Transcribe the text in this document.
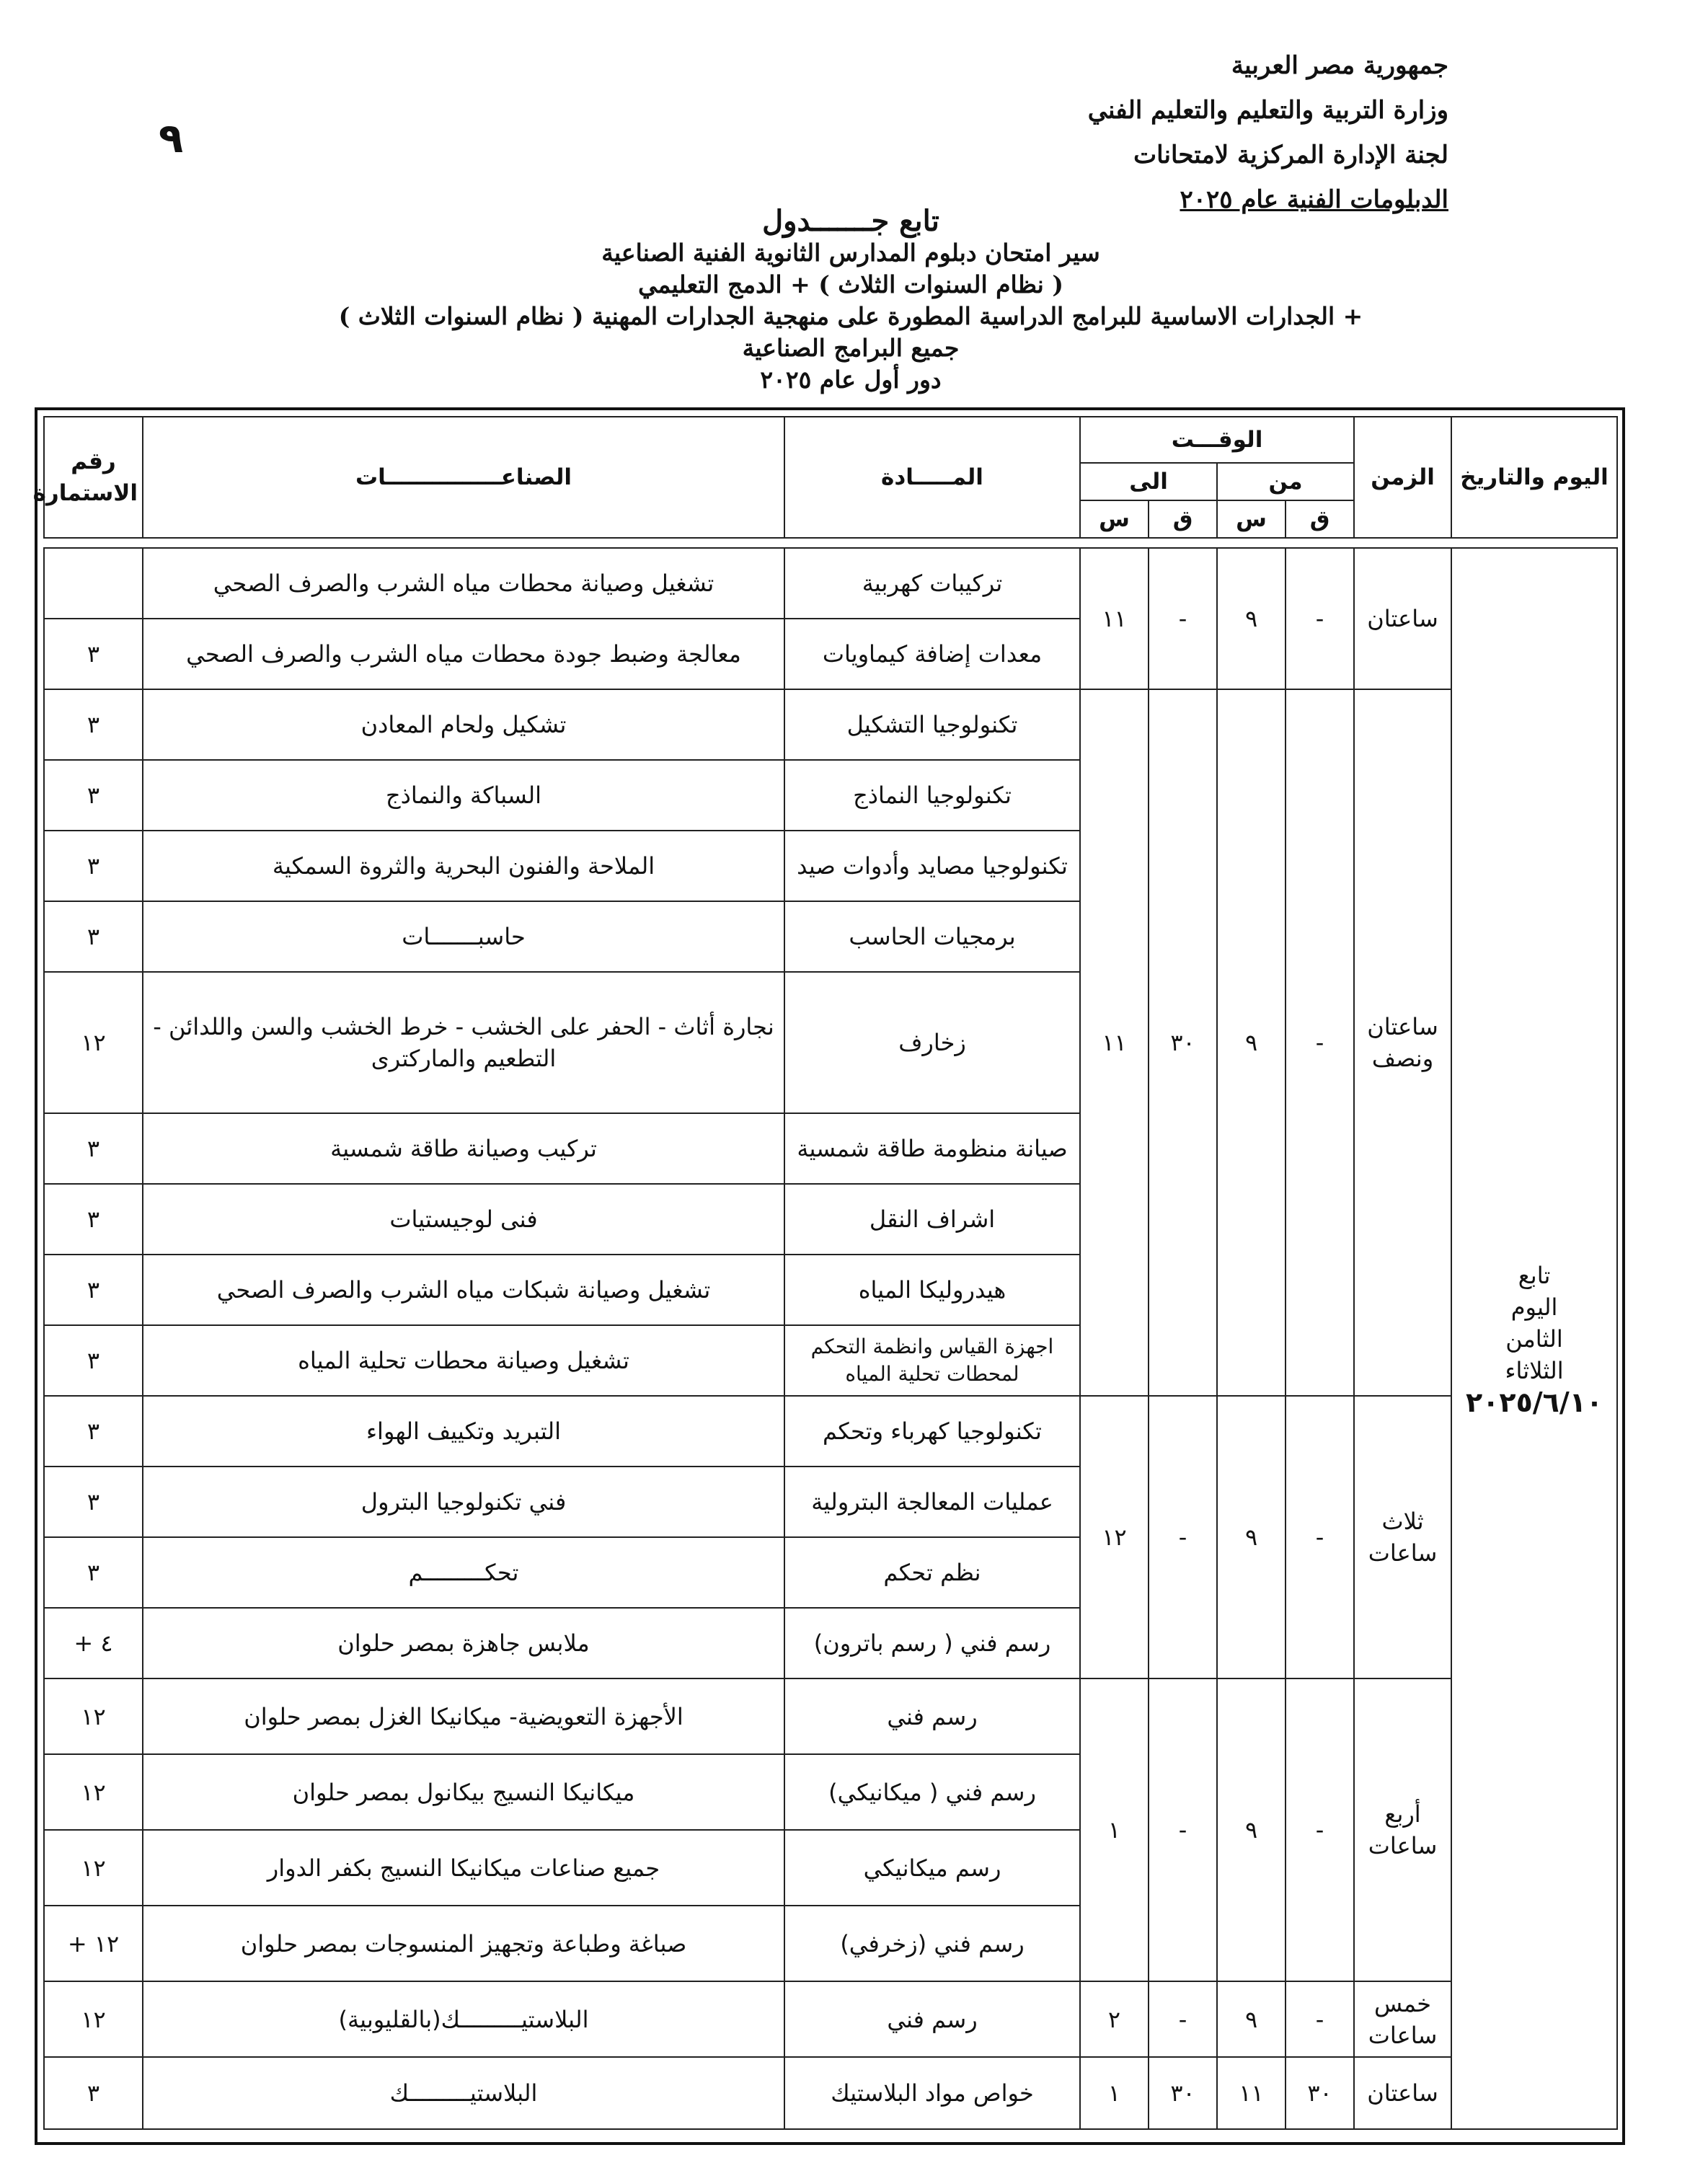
٩
جمهورية مصر العربية
وزارة التربية والتعليم والتعليم الفني
لجنة الإدارة المركزية لامتحانات
الدبلومات الفنية عام ٢٠٢٥
تابع جـــــــدول
سير امتحان دبلوم المدارس الثانوية الفنية الصناعية
( نظام السنوات الثلاث ) + الدمج التعليمي
+ الجدارات الاساسية للبرامج الدراسية المطورة على منهجية الجدارات المهنية ( نظام السنوات الثلاث )
جميع البرامج الصناعية
دور أول عام ٢٠٢٥
اليوم والتاريخ	الزمن	الوقـــت				المـــــادة	الصناعـــــــــــــــات	رقم الاستمارة
		من		الى				
		ق	س	ق	س			

تابع
اليوم
الثامن
الثلاثاء
٢٠٢٥/٦/١٠	ساعتان	-	٩	-	١١	تركيبات كهربية	تشغيل وصيانة محطات مياه الشرب والصرف الصحي	
						معدات إضافة كيماويات	معالجة وضبط جودة محطات مياه الشرب والصرف الصحي	٣
	ساعتان ونصف	-	٩	٣٠	١١	تكنولوجيا التشكيل	تشكيل ولحام المعادن	٣
						تكنولوجيا النماذج	السباكة والنماذج	٣
						تكنولوجيا مصايد وأدوات صيد	الملاحة والفنون البحرية والثروة السمكية	٣
						برمجيات الحاسب	حاسبـــــــات	٣
						زخارف	نجارة أثاث - الحفر على الخشب - خرط الخشب والسن واللدائن - التطعيم والماركترى	١٢
						صيانة منظومة طاقة شمسية	تركيب وصيانة طاقة شمسية	٣
						اشراف النقل	فنى لوجيستيات	٣
						هيدروليكا المياه	تشغيل وصيانة شبكات مياه الشرب والصرف الصحي	٣
						اجهزة القياس وانظمة التحكم لمحطات تحلية المياه	تشغيل وصيانة محطات تحلية المياه	٣
	ثلاث ساعات	-	٩	-	١٢	تكنولوجيا كهرباء وتحكم	التبريد وتكييف الهواء	٣
						عمليات المعالجة البترولية	فني تكنولوجيا البترول	٣
						نظم تحكم	تحكـــــــــم	٣
						رسم فني ( رسم باترون)	ملابس جاهزة بمصر حلوان	٤ +
	أربع ساعات	-	٩	-	١	رسم فني	الأجهزة التعويضية- ميكانيكا الغزل بمصر حلوان	١٢
						رسم فني ( ميكانيكي)	ميكانيكا النسيج بيكانول بمصر حلوان	١٢
						رسم ميكانيكي	جميع صناعات ميكانيكا النسيج بكفر الدوار	١٢
						رسم فني (زخرفي)	صباغة وطباعة وتجهيز المنسوجات بمصر حلوان	١٢ +
	خمس ساعات	-	٩	-	٢	رسم فني	البلاستيـــــــــك(بالقليوبية)	١٢
	ساعتان	٣٠	١١	٣٠	١	خواص مواد البلاستيك	البلاستيـــــــــك	٣
